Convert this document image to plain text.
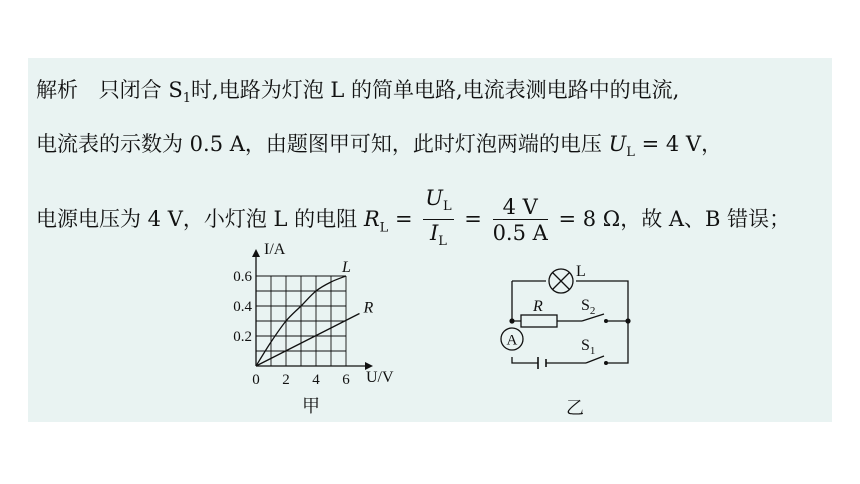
解析 只闭合 $S_1$时,电路为灯泡 L 的简单电路,电流表测电路中的电流,
电流表的示数为 0.5 A，由题图甲可知，此时灯泡两端的电压 $U_L = 4$ V，
电源电压为 4 V，小灯泡 L 的电阻 $R_L = \frac{U_L}{I_L} = \frac{4 V}{0.5 A} = 8$ Ω，故 A、B 错误；
0 2 4 6
0.2
0.4
0.6
L
R
I/A
U/V
甲
L
R $S_2$
$S_1$
A
乙
